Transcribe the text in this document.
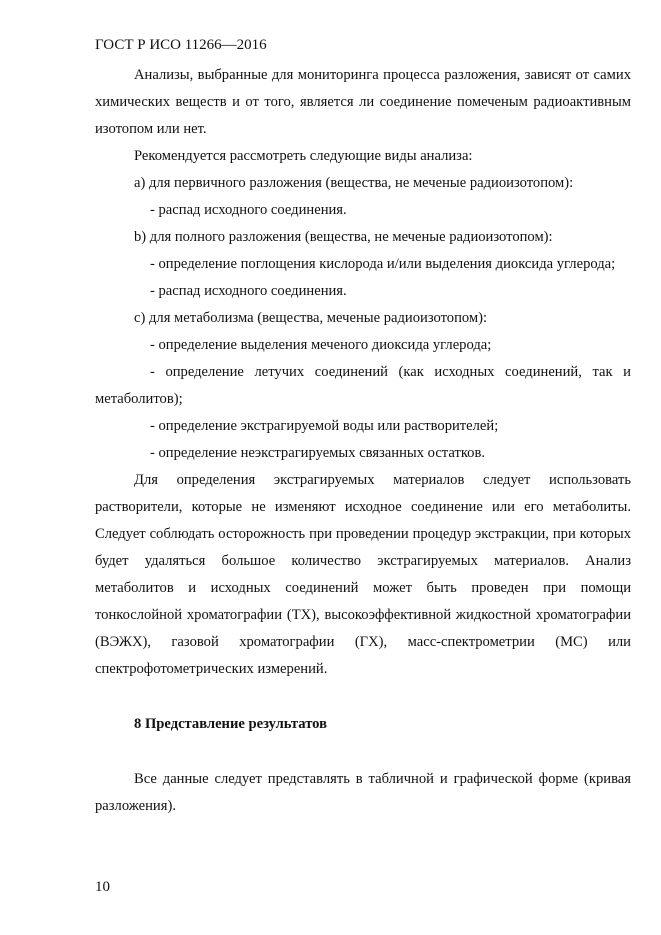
ГОСТ Р ИСО 11266—2016

Анализы, выбранные для мониторинга процесса разложения, зависят от самих химических веществ и от того, является ли соединение помеченым радиоактивным изотопом или нет.

Рекомендуется рассмотреть следующие виды анализа:

a) для первичного разложения (вещества, не меченые радиоизотопом):

- распад исходного соединения.

b) для полного разложения (вещества, не меченые радиоизотопом):

- определение поглощения кислорода и/или выделения диоксида углерода;

- распад исходного соединения.

c) для метаболизма (вещества, меченые радиоизотопом):

- определение выделения меченого диоксида углерода;

- определение летучих соединений (как исходных соединений, так и метаболитов);

- определение экстрагируемой воды или растворителей;

- определение неэкстрагируемых связанных остатков.

Для определения экстрагируемых материалов следует использовать растворители, которые не изменяют исходное соединение или его метаболиты. Следует соблюдать осторожность при проведении процедур экстракции, при которых будет удаляться большое количество экстрагируемых материалов. Анализ метаболитов и исходных соединений может быть проведен при помощи тонкослойной хроматографии (ТХ), высокоэффективной жидкостной хроматографии (ВЭЖХ), газовой хроматографии (ГХ), масс-спектрометрии (МС) или спектрофотометрических измерений.

8 Представление результатов

Все данные следует представлять в табличной и графической форме (кривая разложения).

10
